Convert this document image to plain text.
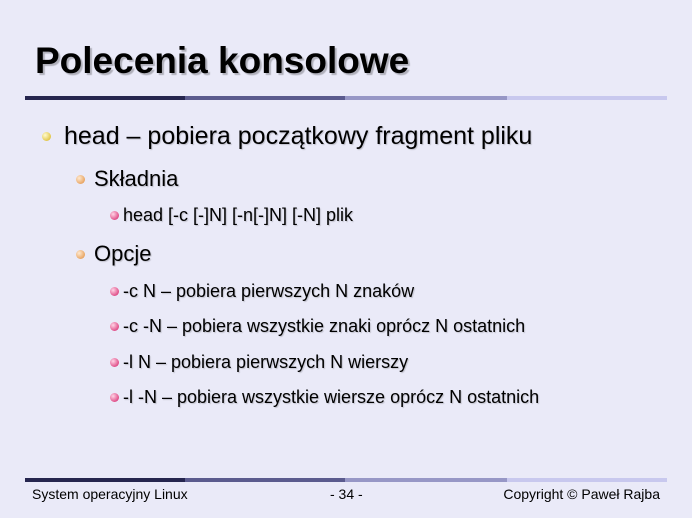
Polecenia konsolowe
head – pobiera początkowy fragment pliku
Składnia
head [-c [-]N] [-n[-]N] [-N] plik
Opcje
-c N – pobiera pierwszych N znaków
-c -N – pobiera wszystkie znaki oprócz N ostatnich
-l N – pobiera pierwszych N wierszy
-l -N – pobiera wszystkie wiersze oprócz N ostatnich
System operacyjny Linux	- 34 -	Copyright © Paweł Rajba
